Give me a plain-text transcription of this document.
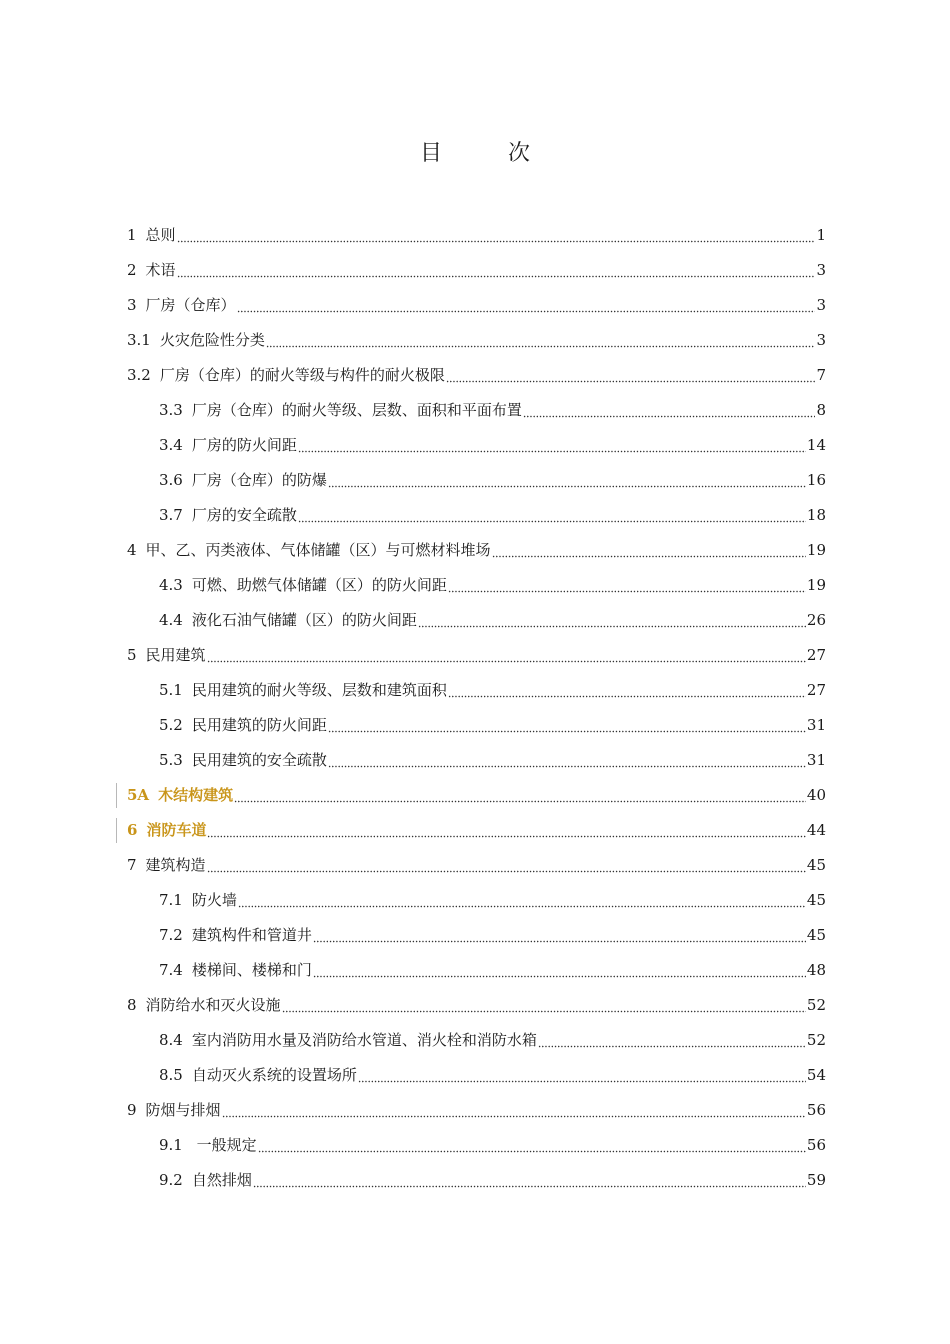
目　次
1 总则	1
2 术语	3
3 厂房（仓库）	3
3.1 火灾危险性分类	3
3.2 厂房（仓库）的耐火等级与构件的耐火极限	7
3.3 厂房（仓库）的耐火等级、层数、面积和平面布置	8
3.4 厂房的防火间距	14
3.6 厂房（仓库）的防爆	16
3.7 厂房的安全疏散	18
4 甲、乙、丙类液体、气体储罐（区）与可燃材料堆场	19
4.3 可燃、助燃气体储罐（区）的防火间距	19
4.4 液化石油气储罐（区）的防火间距	26
5 民用建筑	27
5.1 民用建筑的耐火等级、层数和建筑面积	27
5.2 民用建筑的防火间距	31
5.3 民用建筑的安全疏散	31
5A 木结构建筑	40
6 消防车道	44
7 建筑构造	45
7.1 防火墙	45
7.2 建筑构件和管道井	45
7.4 楼梯间、楼梯和门	48
8 消防给水和灭火设施	52
8.4 室内消防用水量及消防给水管道、消火栓和消防水箱	52
8.5 自动灭火系统的设置场所	54
9 防烟与排烟	56
9.1 一般规定	56
9.2 自然排烟	59
